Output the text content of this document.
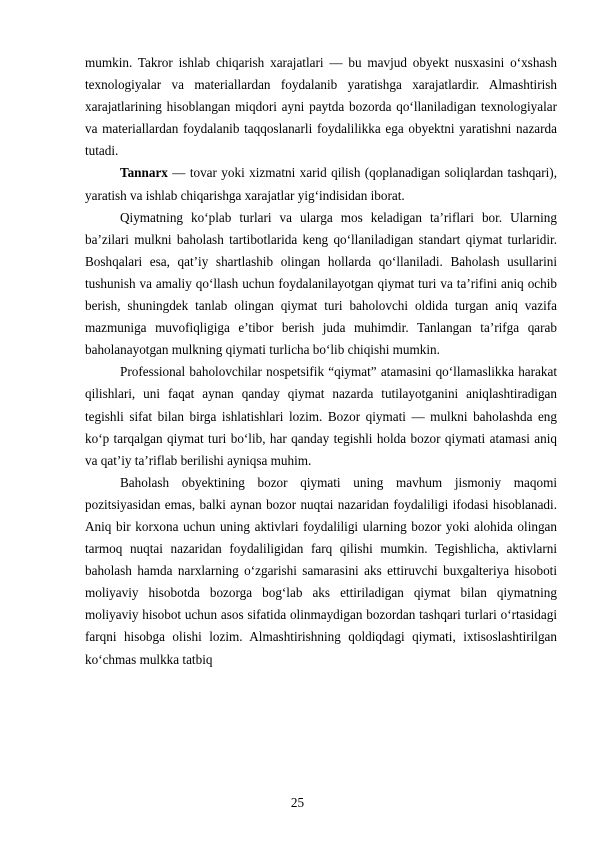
mumkin. Takror ishlab chiqarish xarajatlari — bu mavjud obyekt nusxasini o‘xshash texnologiyalar va materiallardan foydalanib yaratishga xarajatlardir. Almashtirish xarajatlarining hisoblangan miqdori ayni paytda bozorda qo‘llaniladigan texnologiyalar va materiallardan foydalanib taqqoslanarli foydalilikka ega obyektni yaratishni nazarda tutadi.

Tannarx — tovar yoki xizmatni xarid qilish (qoplanadigan soliqlardan tashqari), yaratish va ishlab chiqarishga xarajatlar yig‘indisidan iborat.

Qiymatning ko‘plab turlari va ularga mos keladigan ta’riflari bor. Ularning ba’zilari mulkni baholash tartibotlarida keng qo‘llaniladigan standart qiymat turlaridir. Boshqalari esa, qat’iy shartlashib olingan hollarda qo‘llaniladi. Baholash usullarini tushunish va amaliy qo‘llash uchun foydalanilayotgan qiymat turi va ta’rifini aniq ochib berish, shuningdek tanlab olingan qiymat turi baholovchi oldida turgan aniq vazifa mazmuniga muvofiqligiga e’tibor berish juda muhimdir. Tanlangan ta’rifga qarab baholanayotgan mulkning qiymati turlicha bo‘lib chiqishi mumkin.

Professional baholovchilar nospetsifik “qiymat” atamasini qo‘llamaslikka harakat qilishlari, uni faqat aynan qanday qiymat nazarda tutilayotganini aniqlashtiradigan tegishli sifat bilan birga ishlatishlari lozim. Bozor qiymati — mulkni baholashda eng ko‘p tarqalgan qiymat turi bo‘lib, har qanday tegishli holda bozor qiymati atamasi aniq va qat’iy ta’riflab berilishi ayniqsa muhim.

Baholash obyektining bozor qiymati uning mavhum jismoniy maqomi pozitsiyasidan emas, balki aynan bozor nuqtai nazaridan foydaliligi ifodasi hisoblanadi. Aniq bir korxona uchun uning aktivlari foydaliligi ularning bozor yoki alohida olingan tarmoq nuqtai nazaridan foydaliligidan farq qilishi mumkin. Tegishlicha, aktivlarni baholash hamda narxlarning o‘zgarishi samarasini aks ettiruvchi buxgalteriya hisoboti moliyaviy hisobotda bozorga bog‘lab aks ettiriladigan qiymat bilan qiymatning moliyaviy hisobot uchun asos sifatida olinmaydigan bozordan tashqari turlari o‘rtasidagi farqni hisobga olishi lozim. Almashtirishning qoldiqdagi qiymati, ixtisoslashtirilgan ko‘chmas mulkka tatbiq

25
